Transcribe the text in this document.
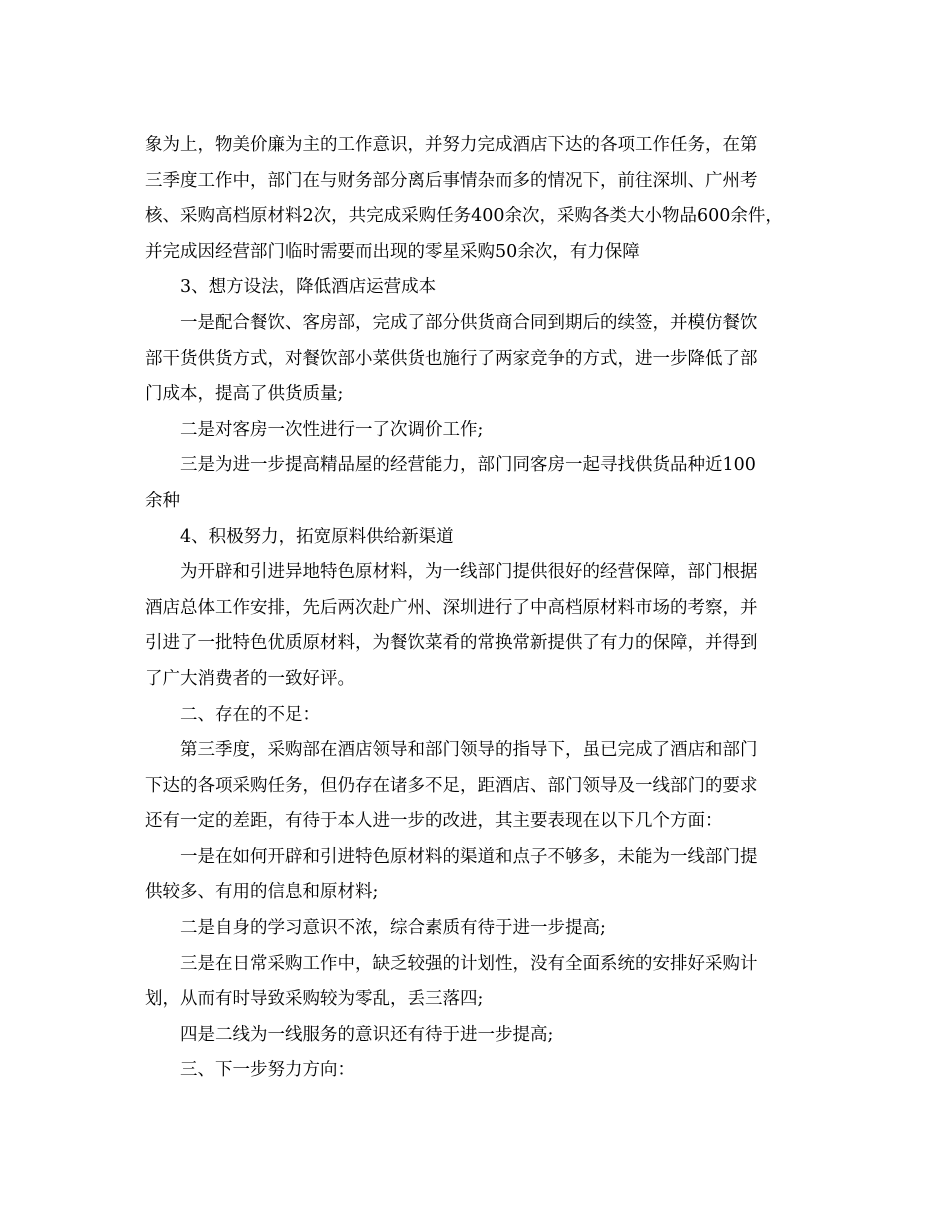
象为上，物美价廉为主的工作意识，并努力完成酒店下达的各项工作任务，在第
三季度工作中，部门在与财务部分离后事情杂而多的情况下，前往深圳、广州考
核、采购高档原材料2次，共完成采购任务400余次，采购各类大小物品600余件，
并完成因经营部门临时需要而出现的零星采购50余次，有力保障
3、想方设法，降低酒店运营成本
一是配合餐饮、客房部，完成了部分供货商合同到期后的续签，并模仿餐饮
部干货供货方式，对餐饮部小菜供货也施行了两家竞争的方式，进一步降低了部
门成本，提高了供货质量;
二是对客房一次性进行一了次调价工作;
三是为进一步提高精品屋的经营能力，部门同客房一起寻找供货品种近100
余种
4、积极努力，拓宽原料供给新渠道
为开辟和引进异地特色原材料，为一线部门提供很好的经营保障，部门根据
酒店总体工作安排，先后两次赴广州、深圳进行了中高档原材料市场的考察，并
引进了一批特色优质原材料，为餐饮菜肴的常换常新提供了有力的保障，并得到
了广大消费者的一致好评。
二、存在的不足：
第三季度，采购部在酒店领导和部门领导的指导下，虽已完成了酒店和部门
下达的各项采购任务，但仍存在诸多不足，距酒店、部门领导及一线部门的要求
还有一定的差距，有待于本人进一步的改进，其主要表现在以下几个方面：
一是在如何开辟和引进特色原材料的渠道和点子不够多，未能为一线部门提
供较多、有用的信息和原材料;
二是自身的学习意识不浓，综合素质有待于进一步提高;
三是在日常采购工作中，缺乏较强的计划性，没有全面系统的安排好采购计
划，从而有时导致采购较为零乱，丢三落四;
四是二线为一线服务的意识还有待于进一步提高;
三、下一步努力方向：
